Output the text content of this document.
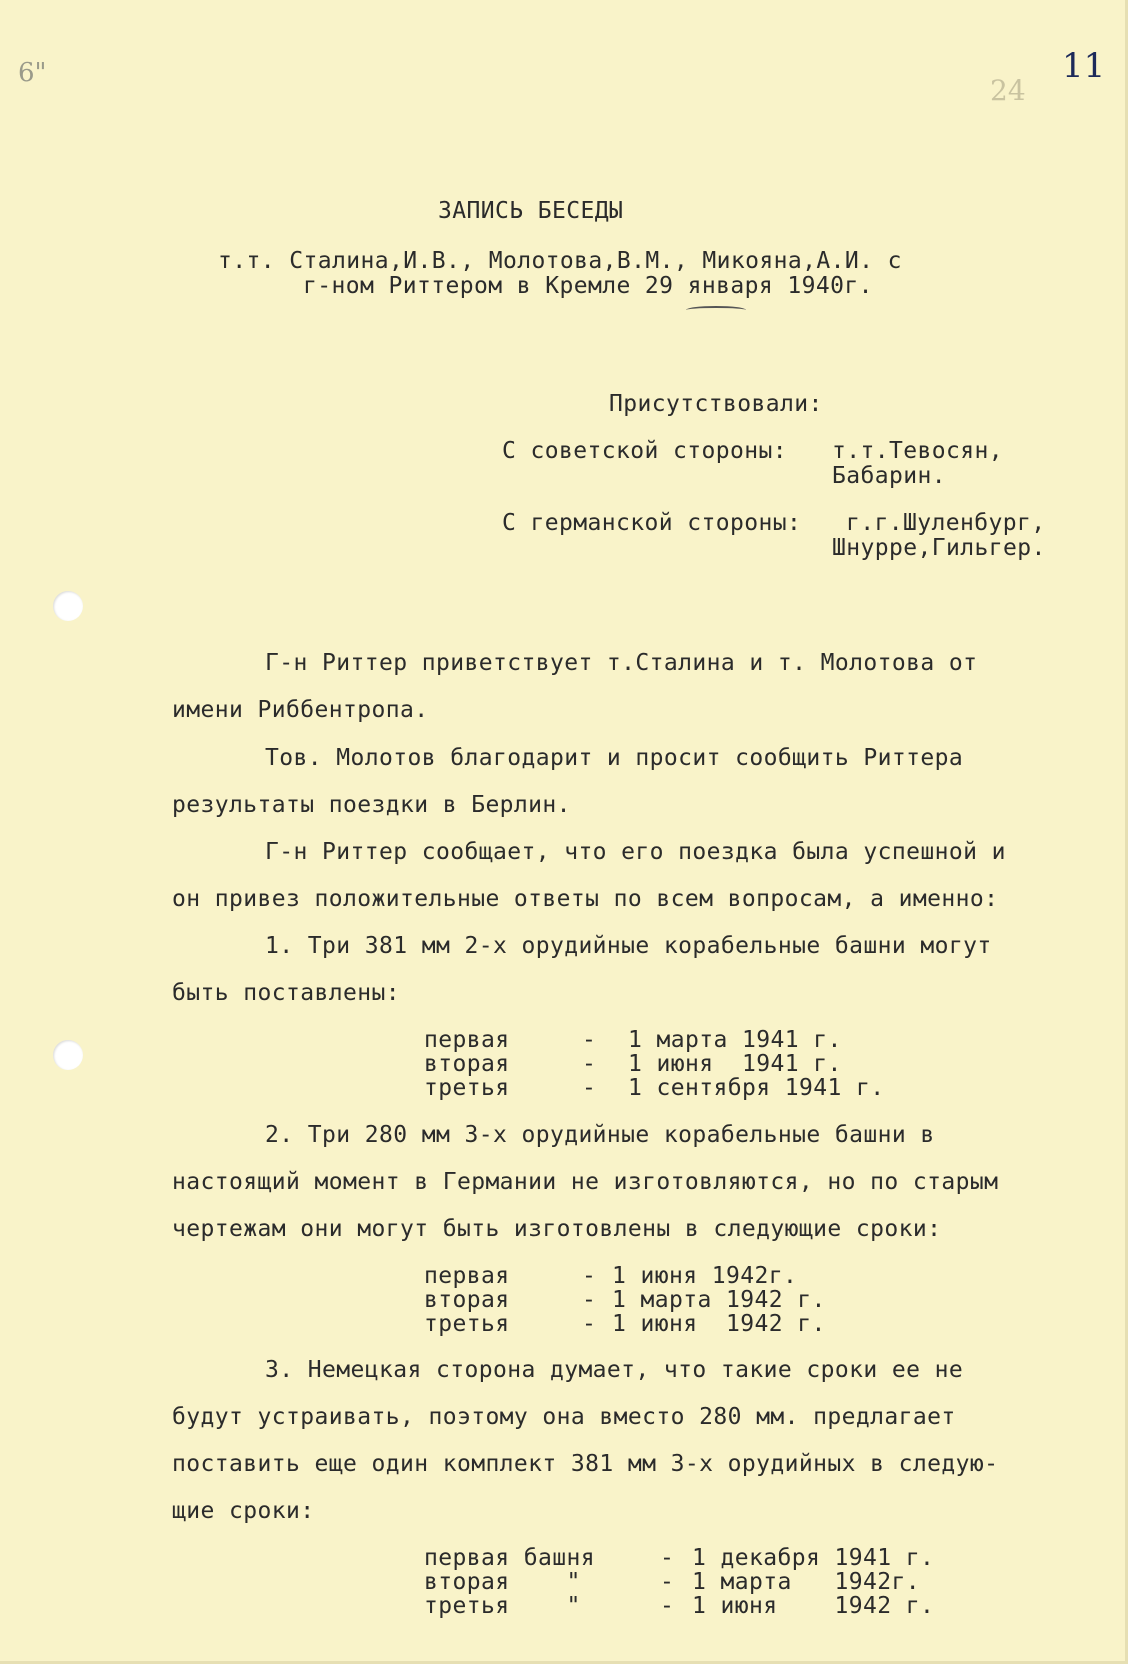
6"	11
24
ЗАПИСЬ БЕСЕДЫ
т.т. Сталина,И.В., Молотова,В.М., Микояна,А.И. с
г-ном Риттером в Кремле 29 января 1940г.
Присутствовали:
С советской стороны: т.т.Тевосян,
Бабарин.
С германской стороны: г.г.Шуленбург,
Шнурре,Гильгер.
Г-н Риттер приветствует т.Сталина и т. Молотова от
имени Риббентропа.
Тов. Молотов благодарит и просит сообщить Риттера
результаты поездки в Берлин.
Г-н Риттер сообщает, что его поездка была успешной и
он привез положительные ответы по всем вопросам, а именно:
1. Три 381 мм 2-х орудийные корабельные башни могут
быть поставлены:
первая	- 1 марта 1941 г.
вторая	- 1 июня  1941 г.
третья	- 1 сентября 1941 г.
2. Три 280 мм 3-х орудийные корабельные башни в
настоящий момент в Германии не изготовляются, но по старым
чертежам они могут быть изготовлены в следующие сроки:
первая	- 1 июня 1942г.
вторая	- 1 марта 1942 г.
третья	- 1 июня  1942 г.
3. Немецкая сторона думает, что такие сроки ее не
будут устраивать, поэтому она вместо 280 мм. предлагает
поставить еще один комплект 381 мм 3-х орудийных в следую-
щие сроки:
первая башня	- 1 декабря 1941 г.
вторая    "	- 1 марта   1942г.
третья    "	- 1 июня    1942 г.
